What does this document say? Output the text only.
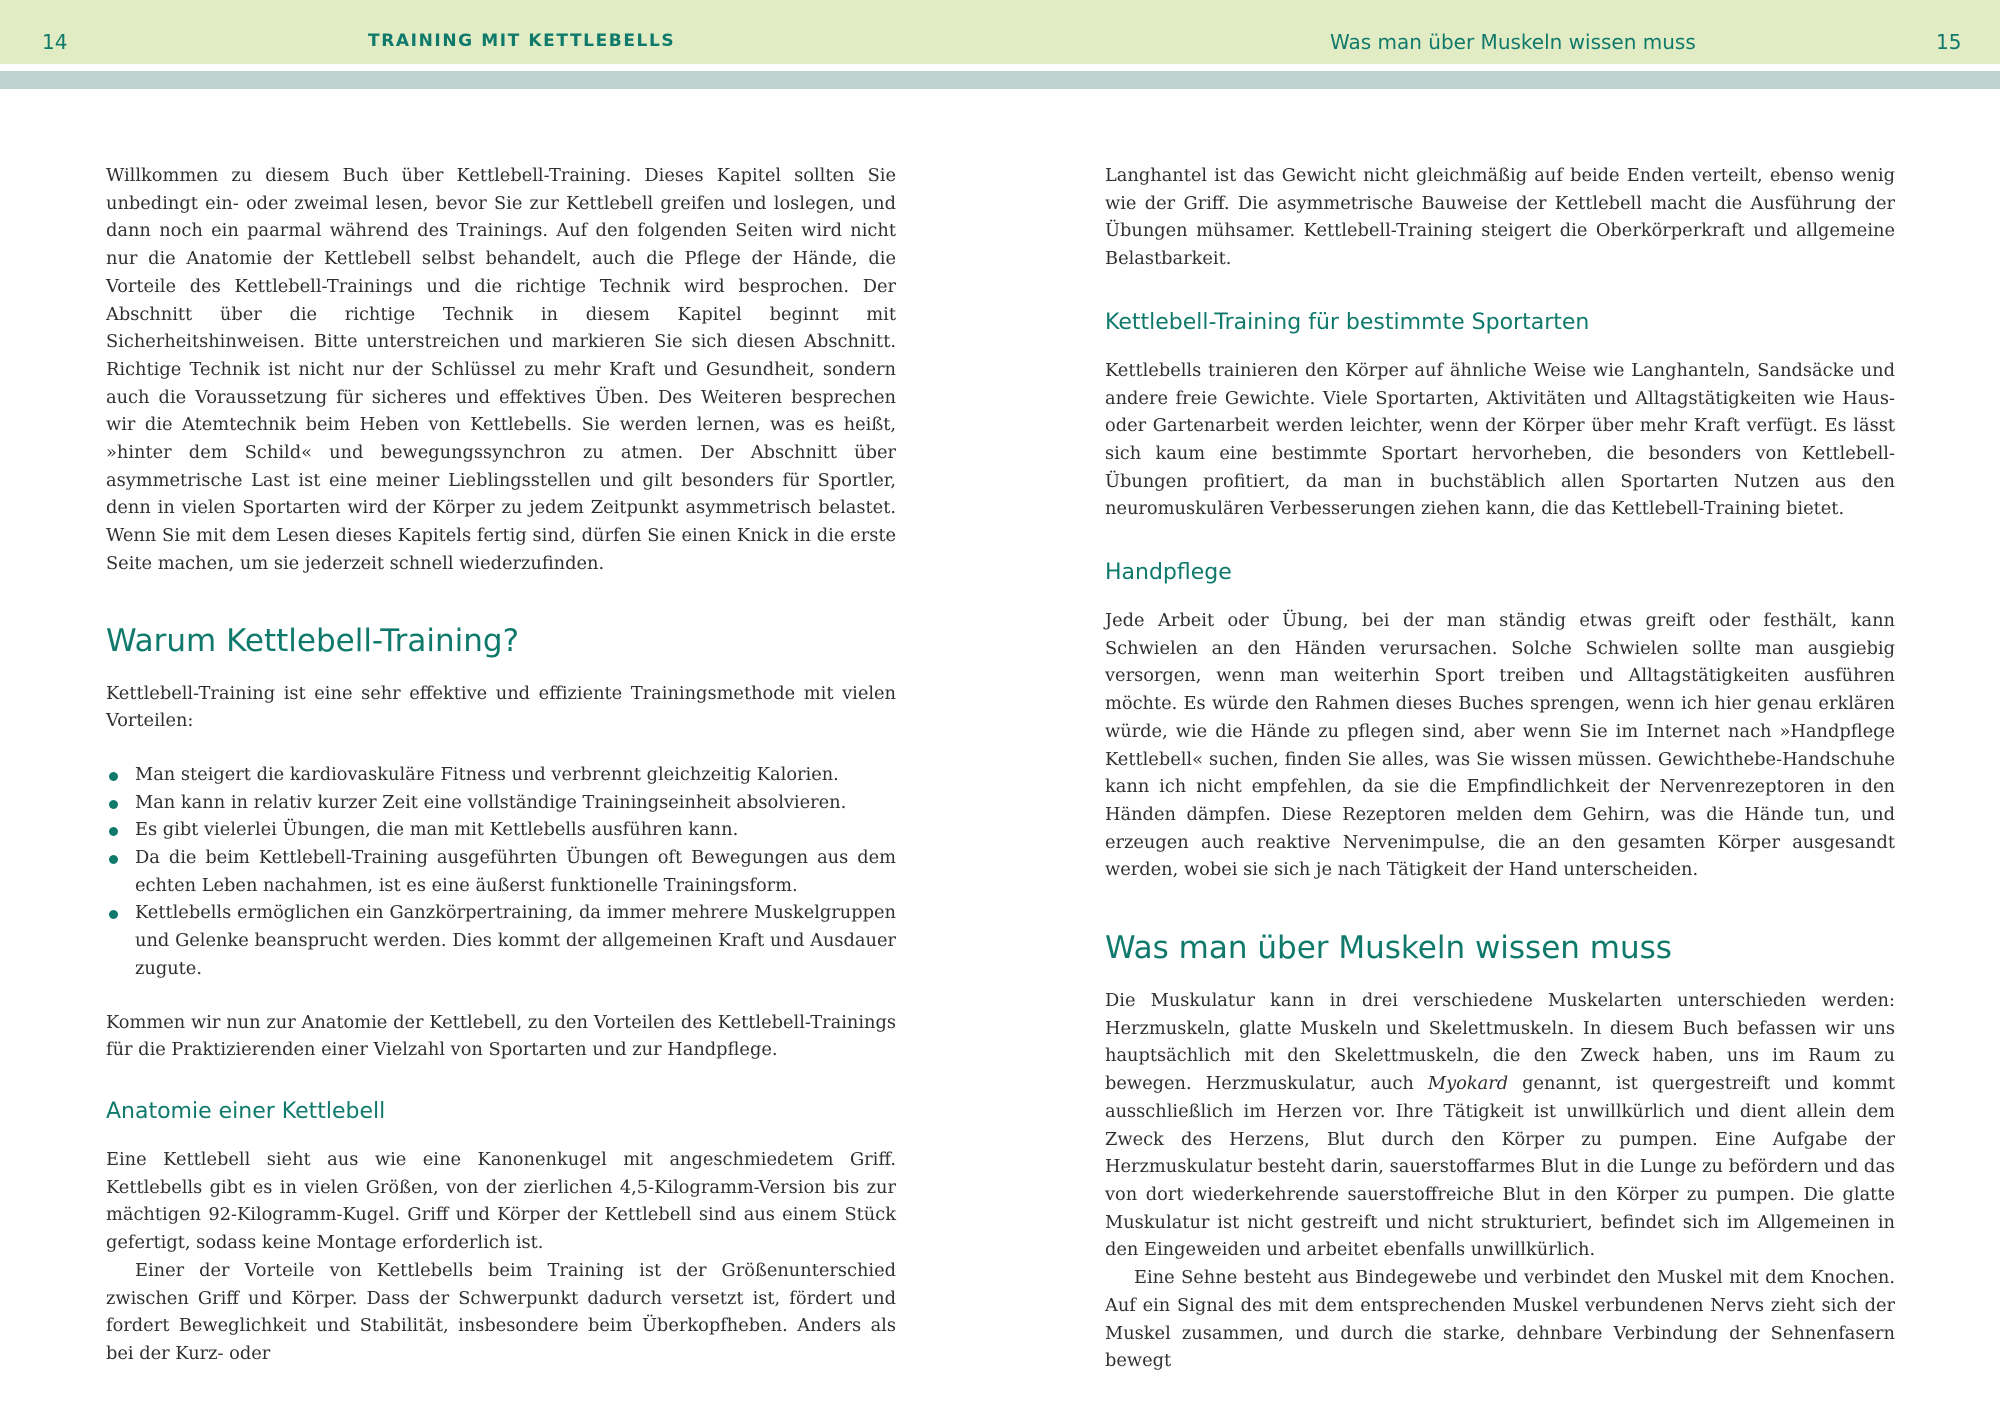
14	TRAINING MIT KETTLEBELLS	Was man über Muskeln wissen muss	15

Willkommen zu diesem Buch über Kettlebell-Training. Dieses Kapitel sollten Sie unbedingt ein- oder zweimal lesen, bevor Sie zur Kettlebell greifen und loslegen, und dann noch ein paarmal während des Trainings. Auf den folgenden Seiten wird nicht nur die Anatomie der Kettlebell selbst behandelt, auch die Pflege der Hände, die Vorteile des Kettlebell-Trainings und die richtige Technik wird besprochen. Der Abschnitt über die richtige Technik in diesem Kapitel beginnt mit Sicherheitshinweisen. Bitte unterstreichen und markieren Sie sich diesen Abschnitt. Richtige Technik ist nicht nur der Schlüssel zu mehr Kraft und Gesundheit, sondern auch die Voraussetzung für sicheres und effektives Üben. Des Weiteren besprechen wir die Atemtechnik beim Heben von Kettlebells. Sie werden lernen, was es heißt, »hinter dem Schild« und bewegungssynchron zu atmen. Der Abschnitt über asymmetrische Last ist eine meiner Lieblingsstellen und gilt besonders für Sportler, denn in vielen Sportarten wird der Körper zu jedem Zeitpunkt asymmetrisch belastet. Wenn Sie mit dem Lesen dieses Kapitels fertig sind, dürfen Sie einen Knick in die erste Seite machen, um sie jederzeit schnell wiederzufinden.

Warum Kettlebell-Training?

Kettlebell-Training ist eine sehr effektive und effiziente Trainingsmethode mit vielen Vorteilen:

Man steigert die kardiovaskuläre Fitness und verbrennt gleichzeitig Kalorien.
Man kann in relativ kurzer Zeit eine vollständige Trainingseinheit absolvieren.
Es gibt vielerlei Übungen, die man mit Kettlebells ausführen kann.
Da die beim Kettlebell-Training ausgeführten Übungen oft Bewegungen aus dem echten Leben nachahmen, ist es eine äußerst funktionelle Trainingsform.
Kettlebells ermöglichen ein Ganzkörpertraining, da immer mehrere Muskelgruppen und Gelenke beansprucht werden. Dies kommt der allgemeinen Kraft und Ausdauer zugute.

Kommen wir nun zur Anatomie der Kettlebell, zu den Vorteilen des Kettlebell-Trainings für die Praktizierenden einer Vielzahl von Sportarten und zur Handpflege.

Anatomie einer Kettlebell

Eine Kettlebell sieht aus wie eine Kanonenkugel mit angeschmiedetem Griff. Kettlebells gibt es in vielen Größen, von der zierlichen 4,5-Kilogramm-Version bis zur mächtigen 92-Kilogramm-Kugel. Griff und Körper der Kettlebell sind aus einem Stück gefertigt, sodass keine Montage erforderlich ist.

Einer der Vorteile von Kettlebells beim Training ist der Größenunterschied zwischen Griff und Körper. Dass der Schwerpunkt dadurch versetzt ist, fördert und fordert Beweglichkeit und Stabilität, insbesondere beim Überkopfheben. Anders als bei der Kurz- oder

Langhantel ist das Gewicht nicht gleichmäßig auf beide Enden verteilt, ebenso wenig wie der Griff. Die asymmetrische Bauweise der Kettlebell macht die Ausführung der Übungen mühsamer. Kettlebell-Training steigert die Oberkörperkraft und allgemeine Belastbarkeit.

Kettlebell-Training für bestimmte Sportarten

Kettlebells trainieren den Körper auf ähnliche Weise wie Langhanteln, Sandsäcke und andere freie Gewichte. Viele Sportarten, Aktivitäten und Alltagstätigkeiten wie Haus- oder Gartenarbeit werden leichter, wenn der Körper über mehr Kraft verfügt. Es lässt sich kaum eine bestimmte Sportart hervorheben, die besonders von Kettlebell-Übungen profitiert, da man in buchstäblich allen Sportarten Nutzen aus den neuromuskulären Verbesserungen ziehen kann, die das Kettlebell-Training bietet.

Handpflege

Jede Arbeit oder Übung, bei der man ständig etwas greift oder festhält, kann Schwielen an den Händen verursachen. Solche Schwielen sollte man ausgiebig versorgen, wenn man weiterhin Sport treiben und Alltagstätigkeiten ausführen möchte. Es würde den Rahmen dieses Buches sprengen, wenn ich hier genau erklären würde, wie die Hände zu pflegen sind, aber wenn Sie im Internet nach »Handpflege Kettlebell« suchen, finden Sie alles, was Sie wissen müssen. Gewichthebe-Handschuhe kann ich nicht empfehlen, da sie die Empfindlichkeit der Nervenrezeptoren in den Händen dämpfen. Diese Rezeptoren melden dem Gehirn, was die Hände tun, und erzeugen auch reaktive Nervenimpulse, die an den gesamten Körper ausgesandt werden, wobei sie sich je nach Tätigkeit der Hand unterscheiden.

Was man über Muskeln wissen muss

Die Muskulatur kann in drei verschiedene Muskelarten unterschieden werden: Herzmuskeln, glatte Muskeln und Skelettmuskeln. In diesem Buch befassen wir uns hauptsächlich mit den Skelettmuskeln, die den Zweck haben, uns im Raum zu bewegen. Herzmuskulatur, auch Myokard genannt, ist quergestreift und kommt ausschließlich im Herzen vor. Ihre Tätigkeit ist unwillkürlich und dient allein dem Zweck des Herzens, Blut durch den Körper zu pumpen. Eine Aufgabe der Herzmuskulatur besteht darin, sauerstoffarmes Blut in die Lunge zu befördern und das von dort wiederkehrende sauerstoffreiche Blut in den Körper zu pumpen. Die glatte Muskulatur ist nicht gestreift und nicht strukturiert, befindet sich im Allgemeinen in den Eingeweiden und arbeitet ebenfalls unwillkürlich.

Eine Sehne besteht aus Bindegewebe und verbindet den Muskel mit dem Knochen. Auf ein Signal des mit dem entsprechenden Muskel verbundenen Nervs zieht sich der Muskel zusammen, und durch die starke, dehnbare Verbindung der Sehnenfasern bewegt
